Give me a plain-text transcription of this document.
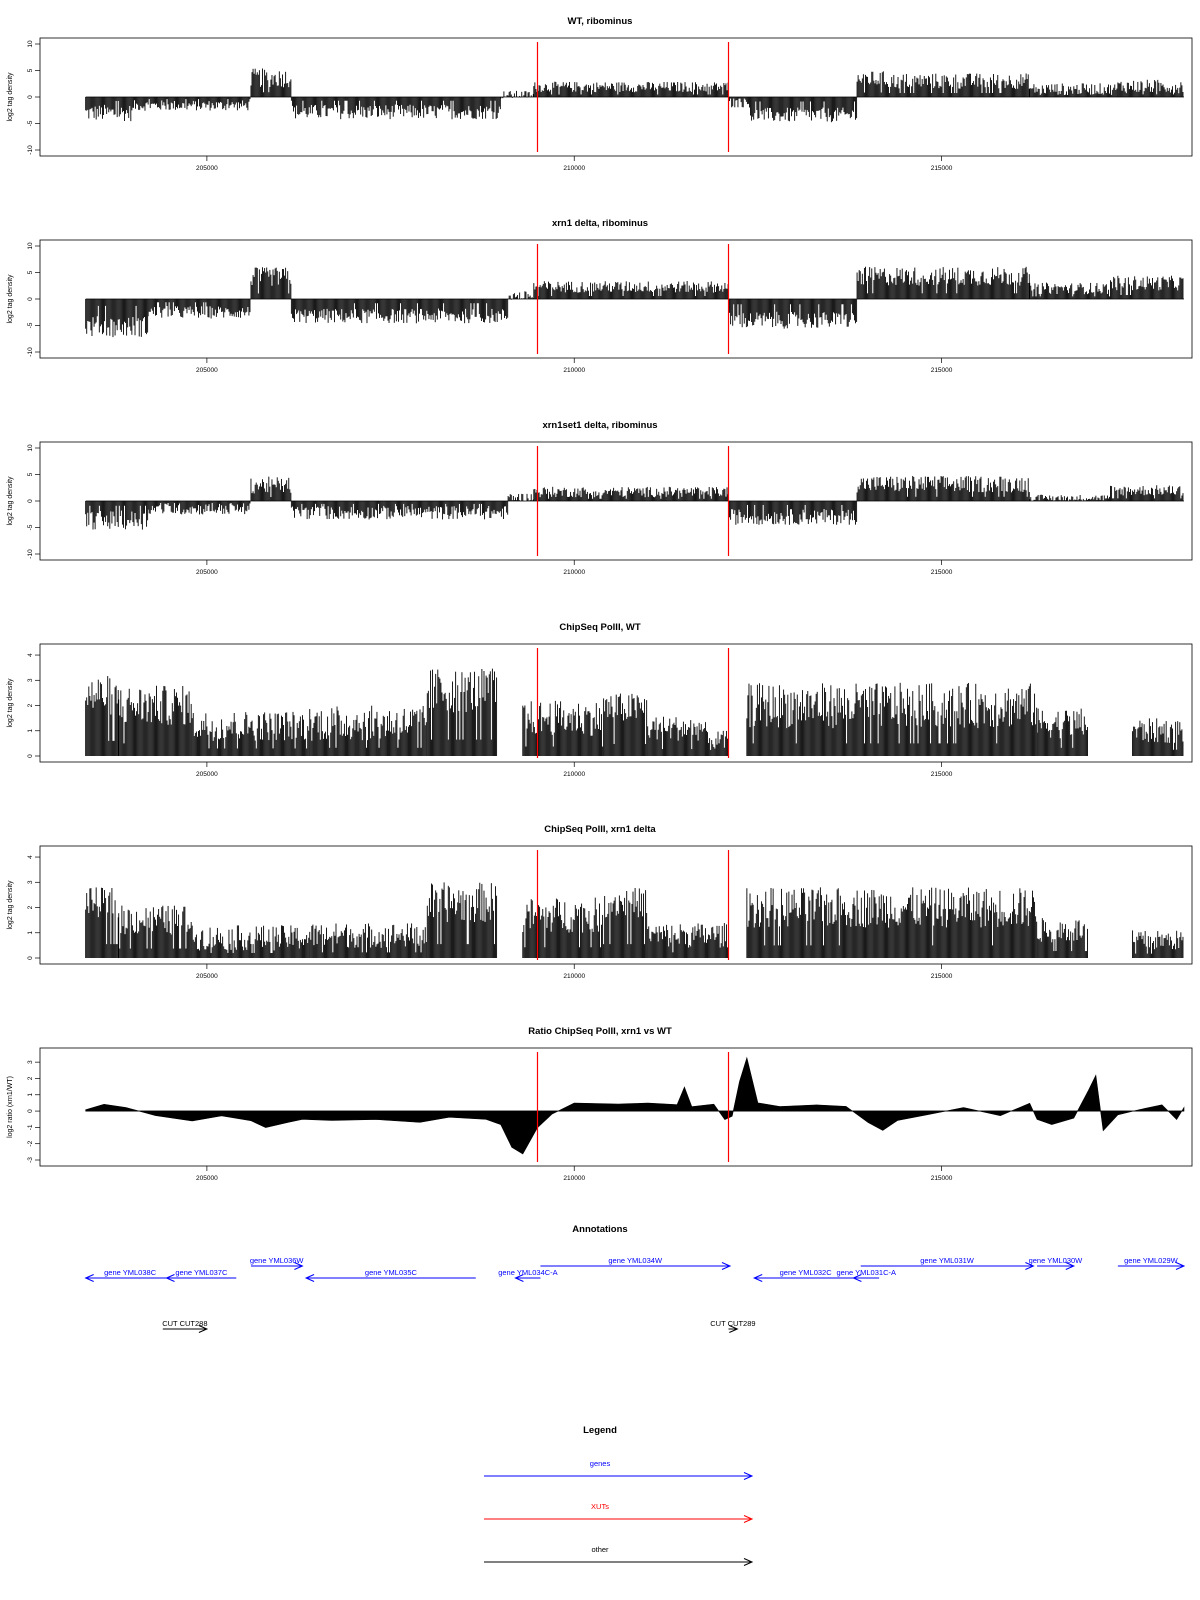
WT, ribominus
10
5
0
-5
-10
log2 tag density
205000	210000	215000
xrn1 delta, ribominus
10
5
0
-5
-10
log2 tag density
205000	210000	215000
xrn1set1 delta, ribominus
10
5
0
-5
-10
log2 tag density
205000	210000	215000
ChipSeq PolII, WT
4
3
2
1
0
log2 tag density
205000	210000	215000
ChipSeq PolII, xrn1 delta
4
3
2
1
0
log2 tag density
205000	210000	215000
Ratio ChipSeq PolII, xrn1 vs WT
3
2
1
0
-1
-2
-3
log2 ratio (xrn1/WT)
205000	210000	215000
Annotations
gene YML038C	gene YML037C
gene YML036W
gene YML035C	gene YML034C-A
gene YML034W
gene YML032C gene YML031C-A
gene YML031W	gene YML030W	gene YML029W
CUT CUT288	CUT CUT289
Legend
genes
XUTs
other
